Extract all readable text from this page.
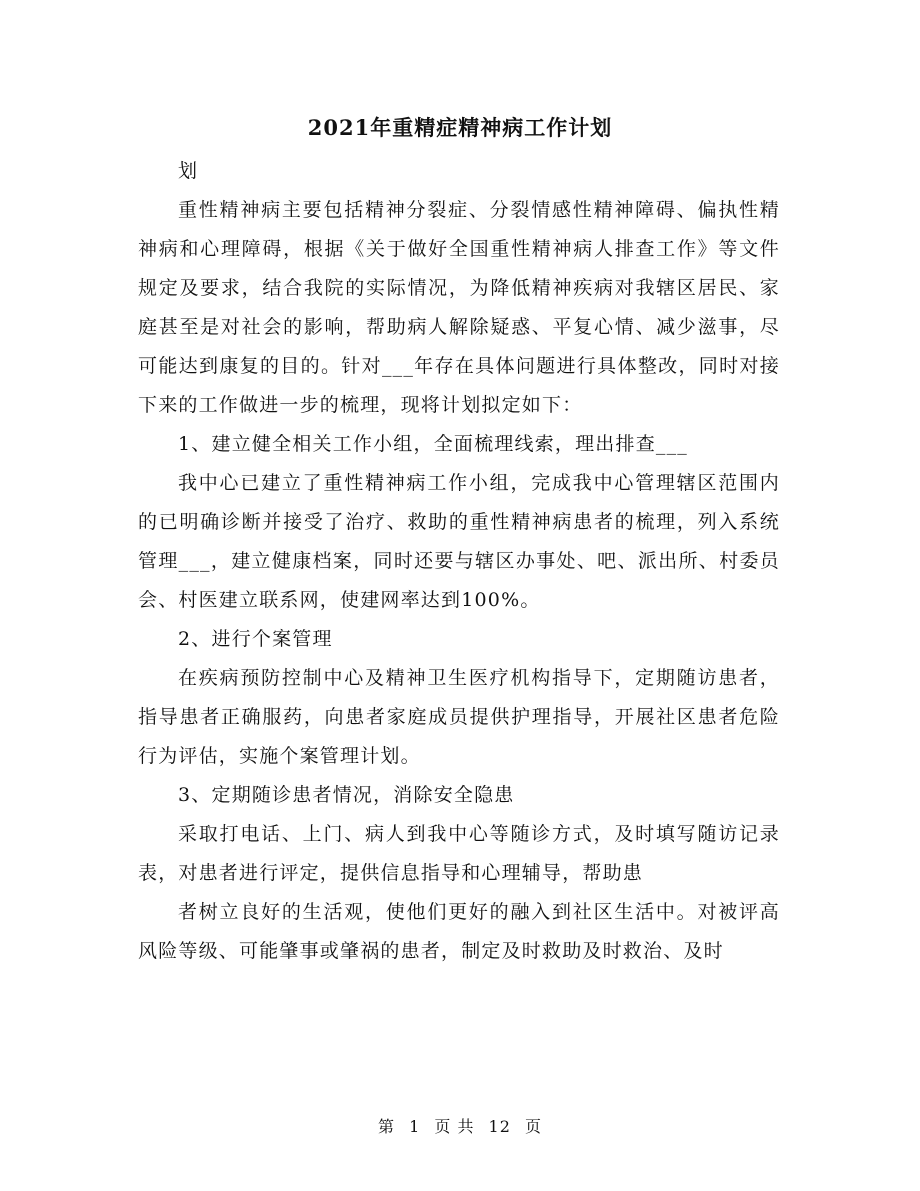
2021年重精症精神病工作计划

划

重性精神病主要包括精神分裂症、分裂情感性精神障碍、偏执性精神病和心理障碍，根据《关于做好全国重性精神病人排查工作》等文件规定及要求，结合我院的实际情况，为降低精神疾病对我辖区居民、家庭甚至是对社会的影响，帮助病人解除疑惑、平复心情、减少滋事，尽可能达到康复的目的。针对___年存在具体问题进行具体整改，同时对接下来的工作做进一步的梳理，现将计划拟定如下：

1、建立健全相关工作小组，全面梳理线索，理出排查___

我中心已建立了重性精神病工作小组，完成我中心管理辖区范围内的已明确诊断并接受了治疗、救助的重性精神病患者的梳理，列入系统管理___，建立健康档案，同时还要与辖区办事处、吧、派出所、村委员会、村医建立联系网，使建网率达到100%。

2、进行个案管理

在疾病预防控制中心及精神卫生医疗机构指导下，定期随访患者，指导患者正确服药，向患者家庭成员提供护理指导，开展社区患者危险行为评估，实施个案管理计划。

3、定期随诊患者情况，消除安全隐患

采取打电话、上门、病人到我中心等随诊方式，及时填写随访记录表，对患者进行评定，提供信息指导和心理辅导，帮助患

者树立良好的生活观，使他们更好的融入到社区生活中。对被评高风险等级、可能肇事或肇祸的患者，制定及时救助及时救治、及时

第 1 页 共 12 页
